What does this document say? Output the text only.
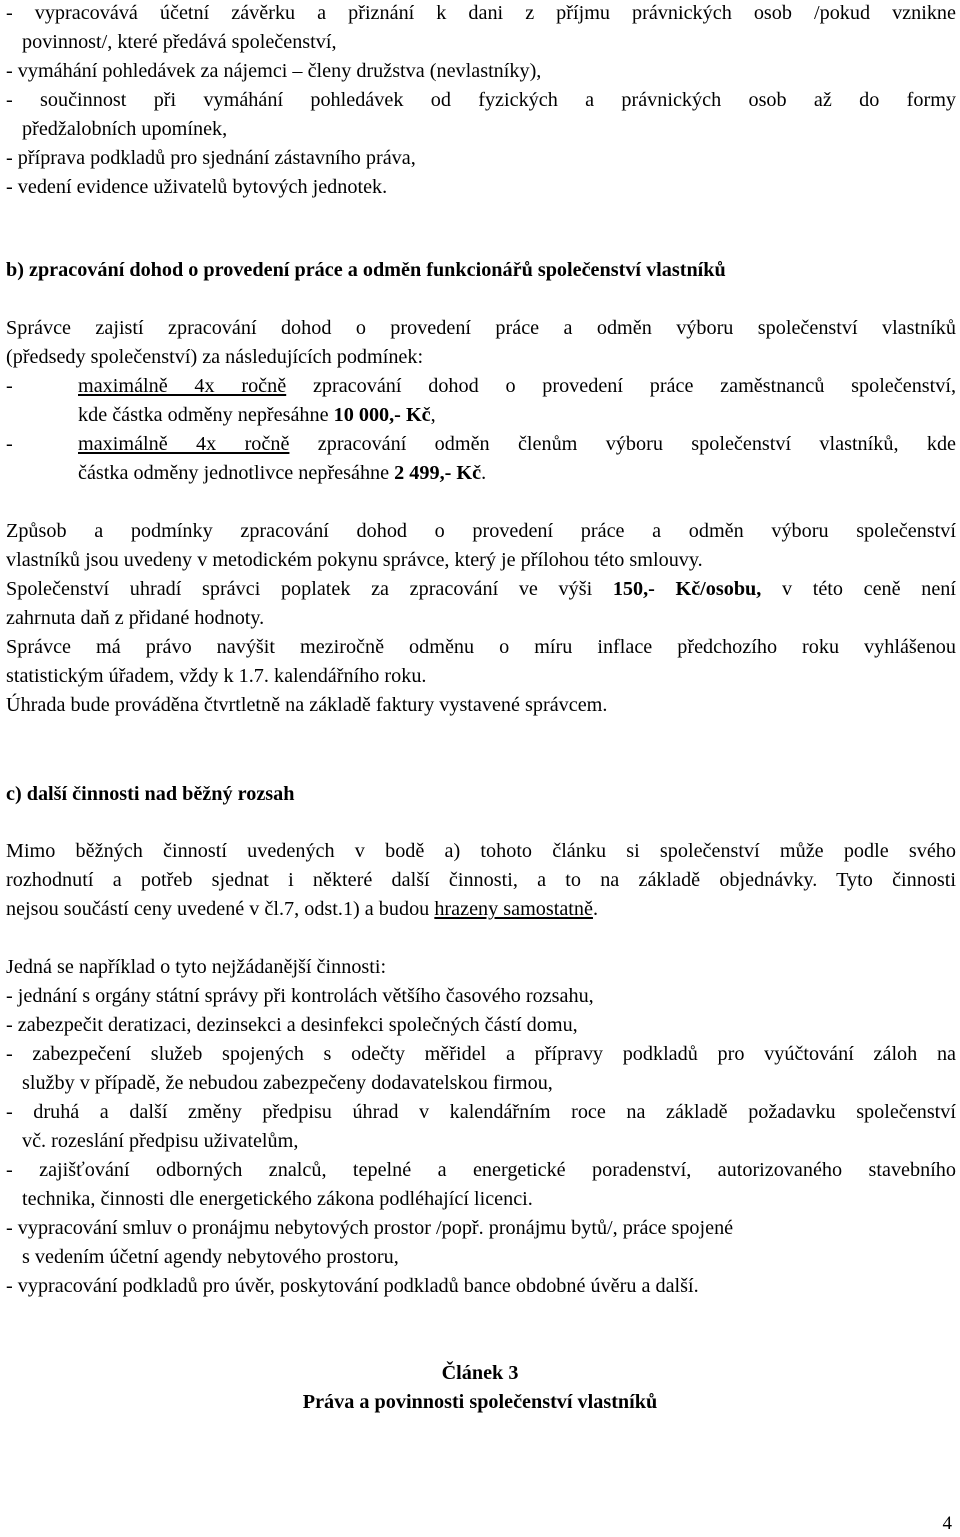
- vypracovává účetní závěrku a přiznání k dani z příjmu právnických osob /pokud vznikne
povinnost/, které předává společenství,
- vymáhání pohledávek za nájemci – členy družstva (nevlastníky),
- součinnost při vymáhání pohledávek od fyzických a právnických osob až do formy
předžalobních upomínek,
- příprava podkladů pro sjednání zástavního práva,
- vedení evidence uživatelů bytových jednotek.
b) zpracování dohod o provedení práce a odměn funkcionářů společenství vlastníků
Správce zajistí zpracování dohod o provedení práce a odměn výboru společenství vlastníků
(předsedy společenství) za následujících podmínek:
-	maximálně 4x ročně zpracování dohod o provedení práce zaměstnanců společenství,
kde částka odměny nepřesáhne 10 000,- Kč,
-	maximálně 4x ročně zpracování odměn členům výboru společenství vlastníků, kde
částka odměny jednotlivce nepřesáhne 2 499,- Kč.
Způsob a podmínky zpracování dohod o provedení práce a odměn výboru společenství
vlastníků jsou uvedeny v metodickém pokynu správce, který je přílohou této smlouvy.
Společenství uhradí správci poplatek za zpracování ve výši 150,- Kč/osobu, v této ceně není
zahrnuta daň z přidané hodnoty.
Správce má právo navýšit meziročně odměnu o míru inflace předchozího roku vyhlášenou
statistickým úřadem, vždy k 1.7. kalendářního roku.
Úhrada bude prováděna čtvrtletně na základě faktury vystavené správcem.
c) další činnosti nad běžný rozsah
Mimo běžných činností uvedených v bodě a) tohoto článku si společenství může podle svého
rozhodnutí a potřeb sjednat i některé další činnosti, a to na základě objednávky. Tyto činnosti
nejsou součástí ceny uvedené v čl.7, odst.1) a budou hrazeny samostatně.
Jedná se například o tyto nejžádanější činnosti:
- jednání s orgány státní správy při kontrolách většího časového rozsahu,
- zabezpečit deratizaci, dezinsekci a desinfekci společných částí domu,
- zabezpečení služeb spojených s odečty měřidel a přípravy podkladů pro vyúčtování záloh na
služby v případě, že nebudou zabezpečeny dodavatelskou firmou,
- druhá a další změny předpisu úhrad v kalendářním roce na základě požadavku společenství
vč. rozeslání předpisu uživatelům,
- zajišťování odborných znalců, tepelné a energetické poradenství, autorizovaného stavebního
technika, činnosti dle energetického zákona podléhající licenci.
- vypracování smluv o pronájmu nebytových prostor /popř. pronájmu bytů/, práce spojené
s vedením účetní agendy nebytového prostoru,
- vypracování podkladů pro úvěr, poskytování podkladů bance obdobné úvěru a další.
Článek 3
Práva a povinnosti společenství vlastníků
4
